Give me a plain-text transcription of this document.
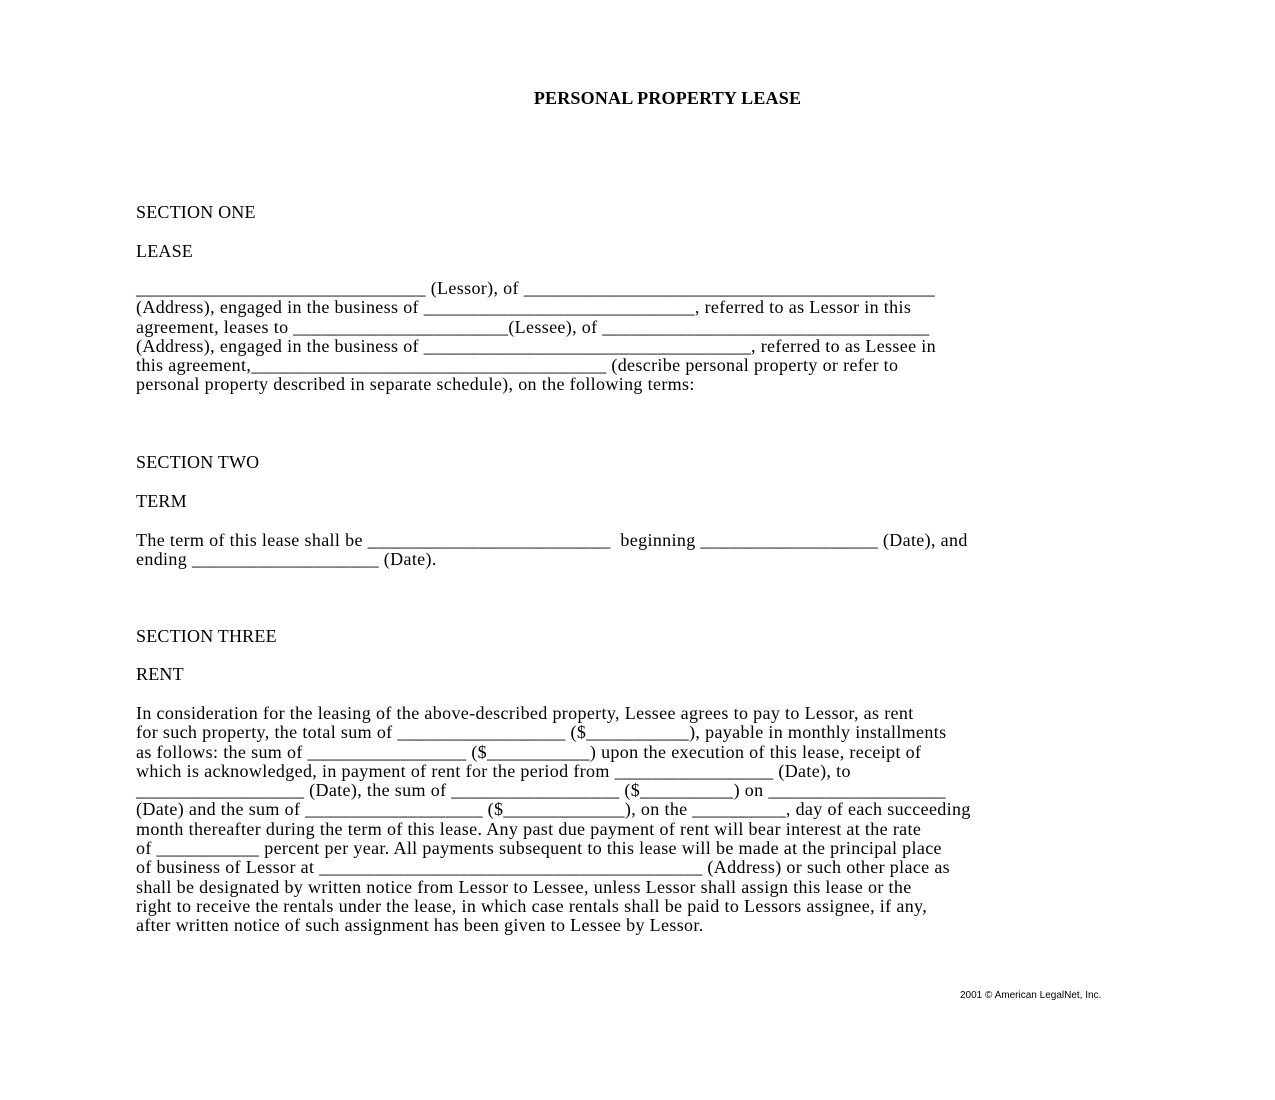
PERSONAL PROPERTY LEASE

SECTION ONE

LEASE

_______________________________ (Lessor), of ____________________________________________
(Address), engaged in the business of _____________________________, referred to as Lessor in this
agreement, leases to _______________________(Lessee), of ___________________________________
(Address), engaged in the business of ___________________________________, referred to as Lessee in
this agreement,______________________________________ (describe personal property or refer to
personal property described in separate schedule), on the following terms:

SECTION TWO

TERM

The term of this lease shall be __________________________  beginning ___________________ (Date), and
ending ____________________ (Date).

SECTION THREE

RENT

In consideration for the leasing of the above-described property, Lessee agrees to pay to Lessor, as rent
for such property, the total sum of __________________ ($___________), payable in monthly installments
as follows: the sum of _________________ ($___________) upon the execution of this lease, receipt of
which is acknowledged, in payment of rent for the period from _________________ (Date), to
__________________ (Date), the sum of __________________ ($__________) on ___________________
(Date) and the sum of ___________________ ($_____________), on the __________, day of each succeeding
month thereafter during the term of this lease. Any past due payment of rent will bear interest at the rate
of ___________ percent per year. All payments subsequent to this lease will be made at the principal place
of business of Lessor at _________________________________________ (Address) or such other place as
shall be designated by written notice from Lessor to Lessee, unless Lessor shall assign this lease or the
right to receive the rentals under the lease, in which case rentals shall be paid to Lessors assignee, if any,
after written notice of such assignment has been given to Lessee by Lessor.

2001 © American LegalNet, Inc.
